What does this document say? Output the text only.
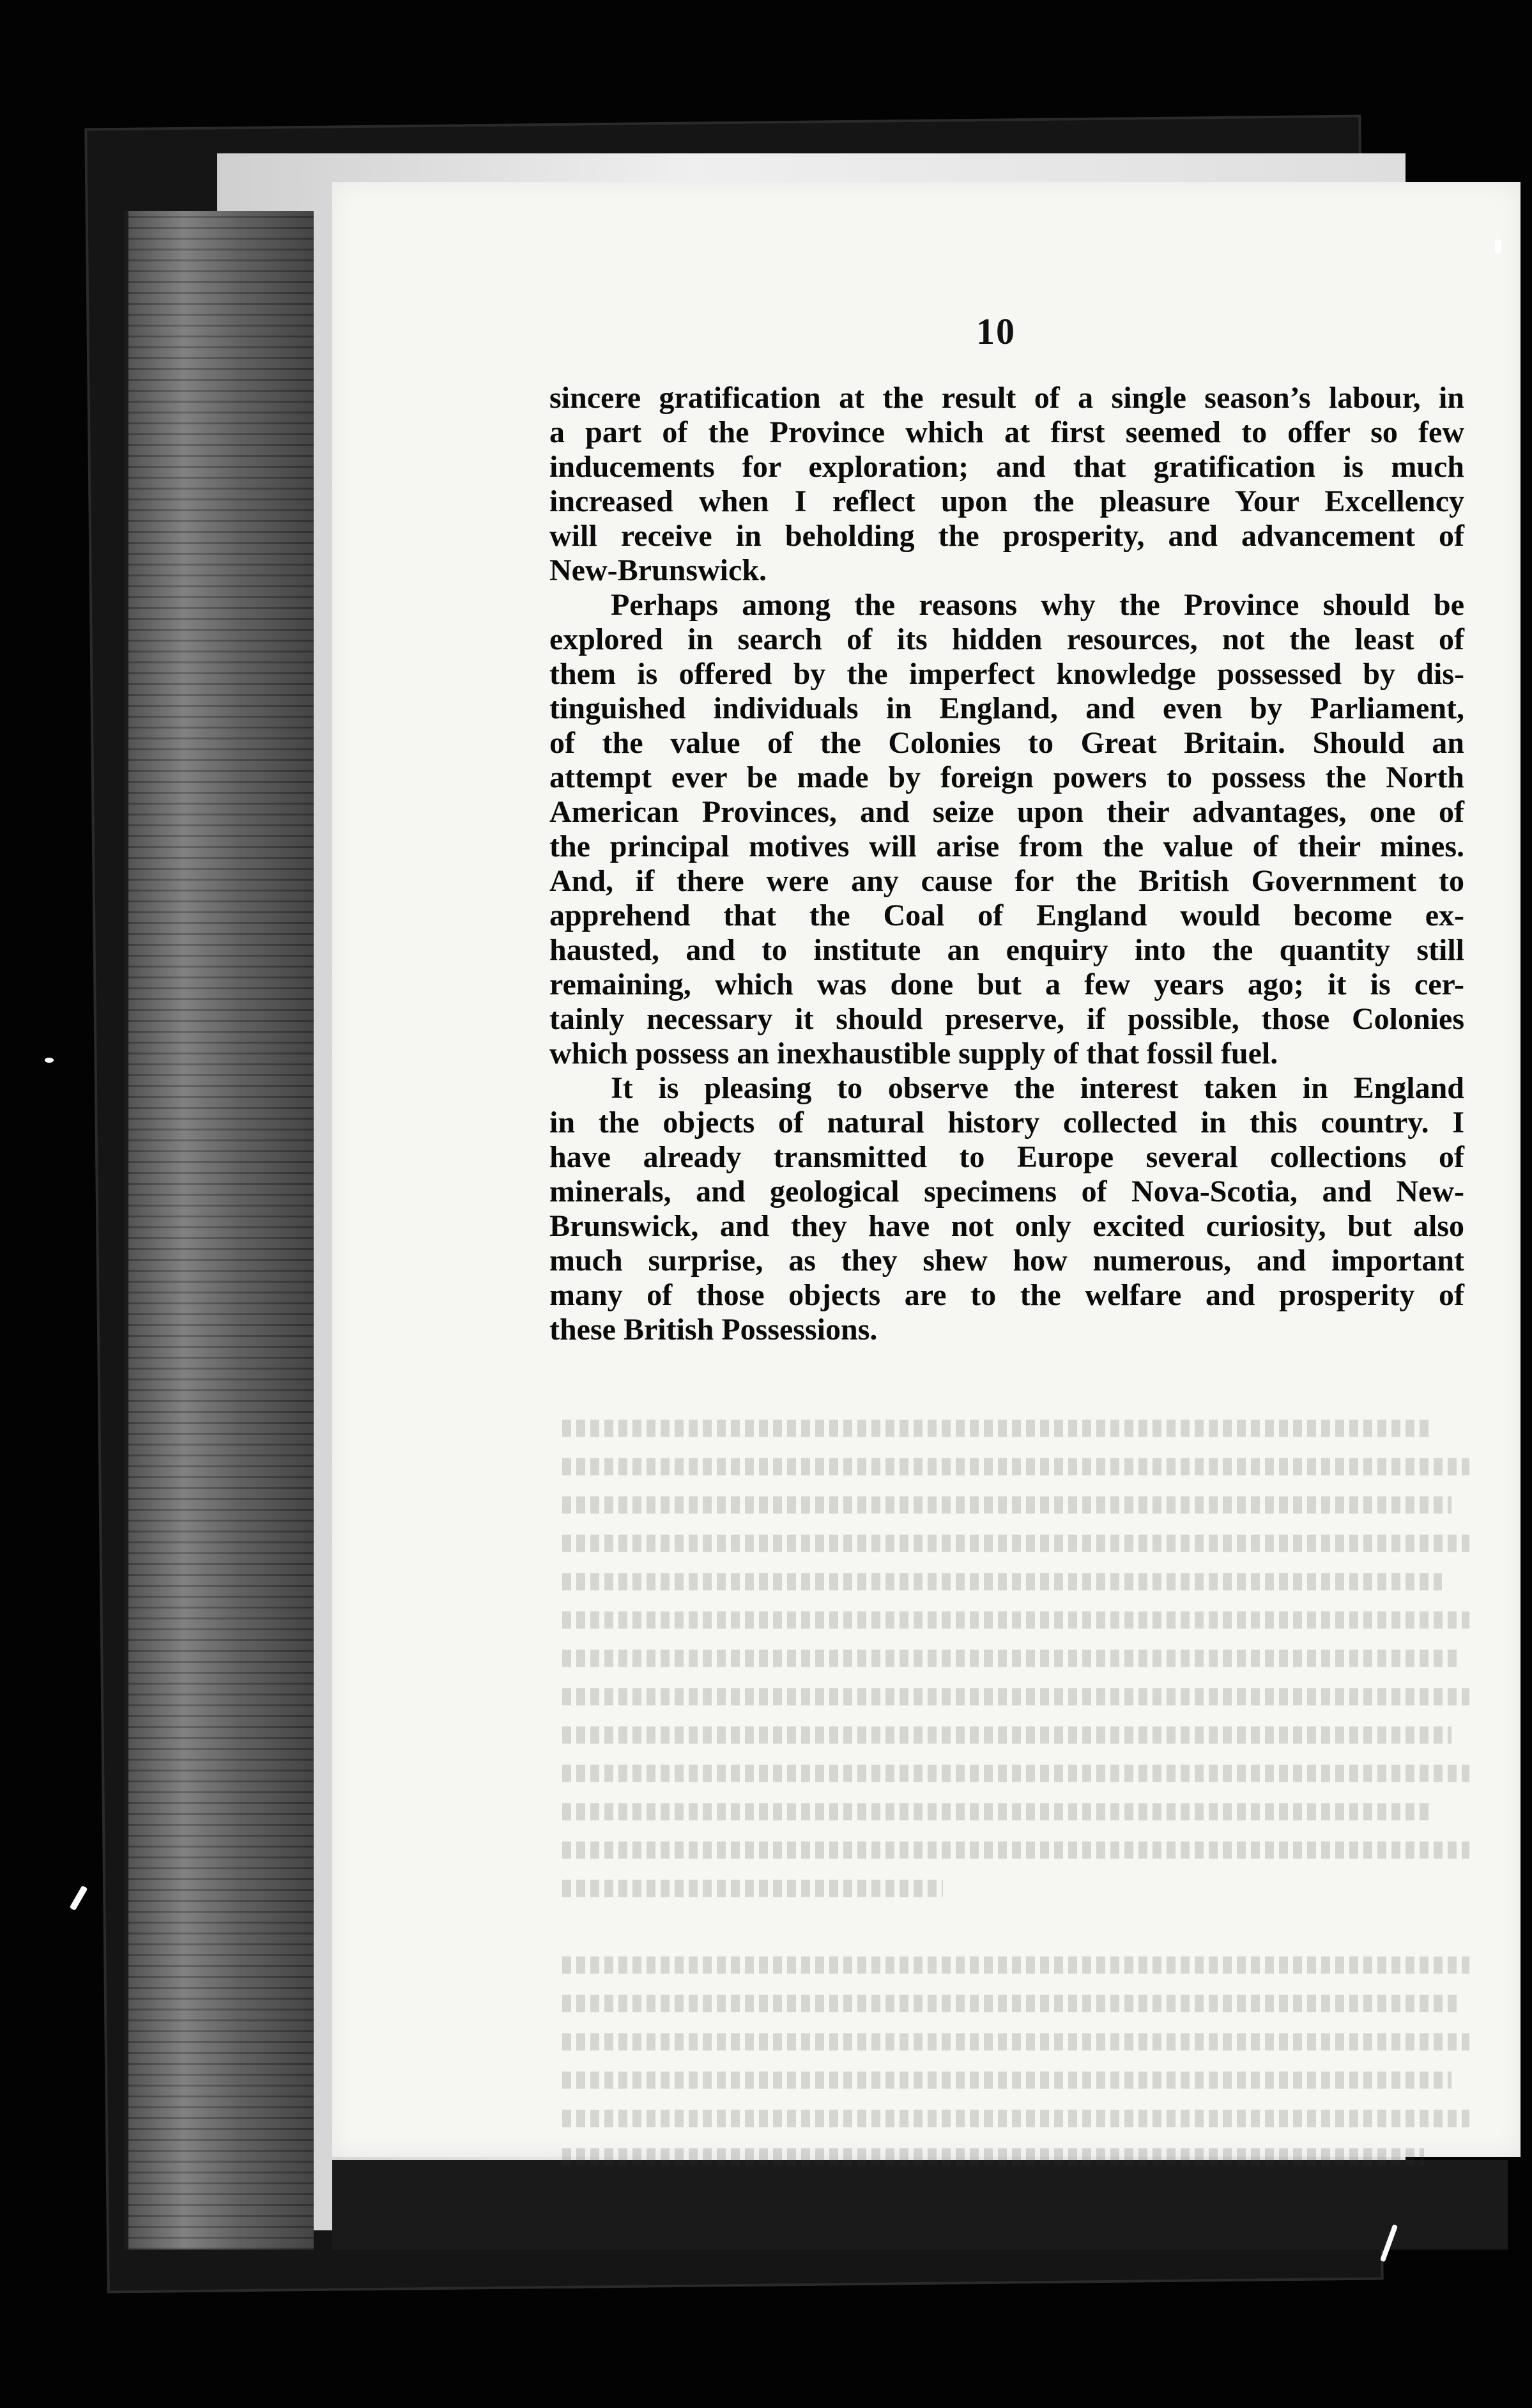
10
sincere gratification at the result of a single season’s labour, in
a part of the Province which at first seemed to offer so few
inducements for exploration; and that gratification is much
increased when I reflect upon the pleasure Your Excellency
will receive in beholding the prosperity, and advancement of
New-Brunswick.
Perhaps among the reasons why the Province should be
explored in search of its hidden resources, not the least of
them is offered by the imperfect knowledge possessed by dis-
tinguished individuals in England, and even by Parliament,
of the value of the Colonies to Great Britain. Should an
attempt ever be made by foreign powers to possess the North
American Provinces, and seize upon their advantages, one of
the principal motives will arise from the value of their mines.
And, if there were any cause for the British Government to
apprehend that the Coal of England would become ex-
hausted, and to institute an enquiry into the quantity still
remaining, which was done but a few years ago; it is cer-
tainly necessary it should preserve, if possible, those Colonies
which possess an inexhaustible supply of that fossil fuel.
It is pleasing to observe the interest taken in England
in the objects of natural history collected in this country. I
have already transmitted to Europe several collections of
minerals, and geological specimens of Nova-Scotia, and New-
Brunswick, and they have not only excited curiosity, but also
much surprise, as they shew how numerous, and important
many of those objects are to the welfare and prosperity of
these British Possessions.
